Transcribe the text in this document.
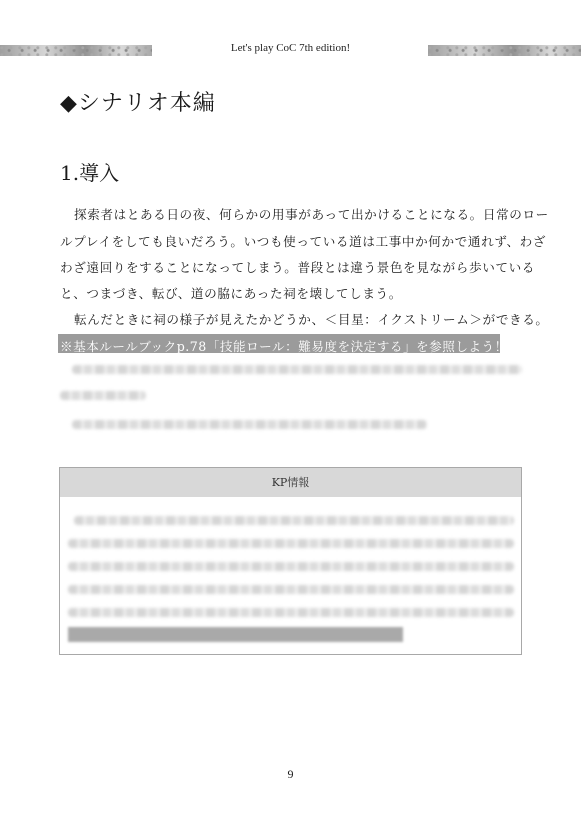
Let's play CoC 7th edition!
◆シナリオ本編
1.導入
探索者はとある日の夜、何らかの用事があって出かけることになる。日常のロー
ルプレイをしても良いだろう。いつも使っている道は工事中か何かで通れず、わざ
わざ遠回りをすることになってしまう。普段とは違う景色を見ながら歩いている
と、つまづき、転び、道の脇にあった祠を壊してしまう。
転んだときに祠の様子が見えたかどうか、＜目星：イクストリーム＞ができる。
※基本ルールブックp.78「技能ロール：難易度を決定する」を参照しよう！
KP情報
9
